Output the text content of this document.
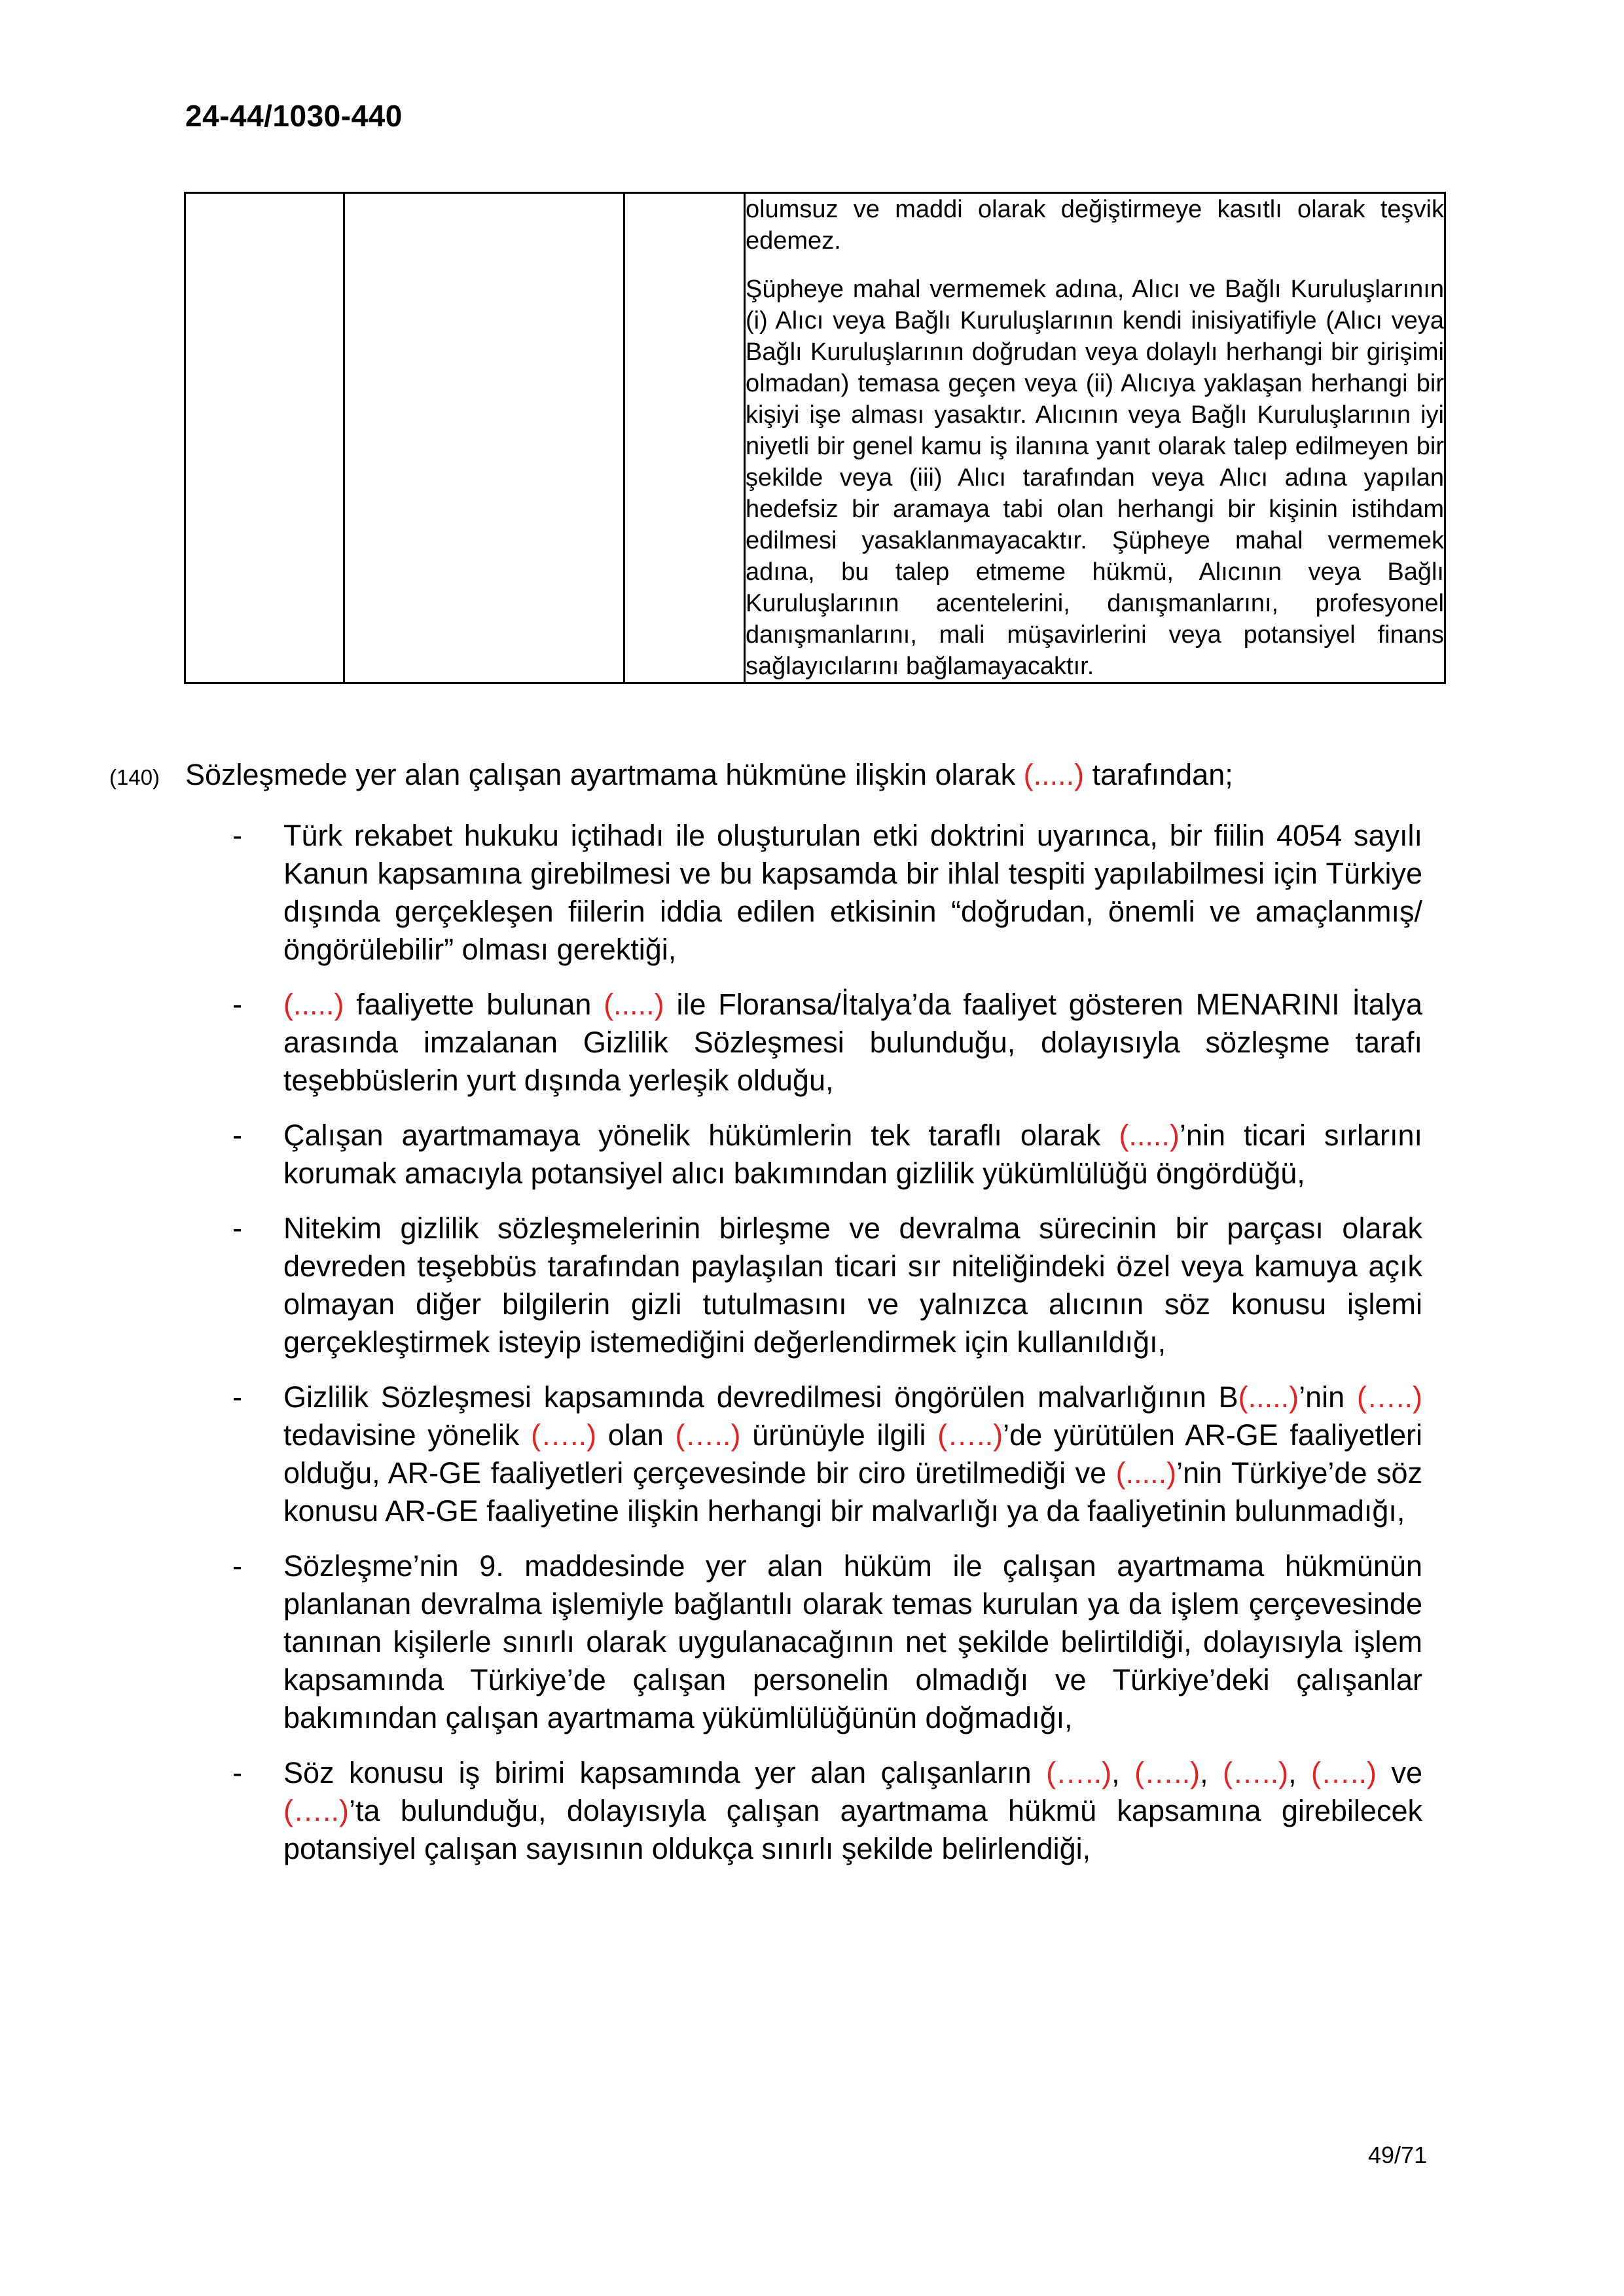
24-44/1030-440

olumsuz ve maddi olarak değiştirmeye kasıtlı olarak teşvik edemez.

Şüpheye mahal vermemek adına, Alıcı ve Bağlı Kuruluşlarının (i) Alıcı veya Bağlı Kuruluşlarının kendi inisiyatifiyle (Alıcı veya Bağlı Kuruluşlarının doğrudan veya dolaylı herhangi bir girişimi olmadan) temasa geçen veya (ii) Alıcıya yaklaşan herhangi bir kişiyi işe alması yasaktır. Alıcının veya Bağlı Kuruluşlarının iyi niyetli bir genel kamu iş ilanına yanıt olarak talep edilmeyen bir şekilde veya (iii) Alıcı tarafından veya Alıcı adına yapılan hedefsiz bir aramaya tabi olan herhangi bir kişinin istihdam edilmesi yasaklanmayacaktır. Şüpheye mahal vermemek adına, bu talep etmeme hükmü, Alıcının veya Bağlı Kuruluşlarının acentelerini, danışmanlarını, profesyonel danışmanlarını, mali müşavirlerini veya potansiyel finans sağlayıcılarını bağlamayacaktır.

(140) Sözleşmede yer alan çalışan ayartmama hükmüne ilişkin olarak (.....) tarafından;
- Türk rekabet hukuku içtihadı ile oluşturulan etki doktrini uyarınca, bir fiilin 4054 sayılı Kanun kapsamına girebilmesi ve bu kapsamda bir ihlal tespiti yapılabilmesi için Türkiye dışında gerçekleşen fiilerin iddia edilen etkisinin “doğrudan, önemli ve amaçlanmış/öngörülebilir” olması gerektiği,
- (.....) faaliyette bulunan (.....) ile Floransa/İtalya’da faaliyet gösteren MENARINI İtalya arasında imzalanan Gizlilik Sözleşmesi bulunduğu, dolayısıyla sözleşme tarafı teşebbüslerin yurt dışında yerleşik olduğu,
- Çalışan ayartmamaya yönelik hükümlerin tek taraflı olarak (.....)’nin ticari sırlarını korumak amacıyla potansiyel alıcı bakımından gizlilik yükümlülüğü öngördüğü,
- Nitekim gizlilik sözleşmelerinin birleşme ve devralma sürecinin bir parçası olarak devreden teşebbüs tarafından paylaşılan ticari sır niteliğindeki özel veya kamuya açık olmayan diğer bilgilerin gizli tutulmasını ve yalnızca alıcının söz konusu işlemi gerçekleştirmek isteyip istemediğini değerlendirmek için kullanıldığı,
- Gizlilik Sözleşmesi kapsamında devredilmesi öngörülen malvarlığının B(.....)’nin (…..) tedavisine yönelik (…..) olan (…..) ürünüyle ilgili (…..)’de yürütülen AR-GE faaliyetleri olduğu, AR-GE faaliyetleri çerçevesinde bir ciro üretilmediği ve (.....)’nin Türkiye’de söz konusu AR-GE faaliyetine ilişkin herhangi bir malvarlığı ya da faaliyetinin bulunmadığı,
- Sözleşme’nin 9. maddesinde yer alan hüküm ile çalışan ayartmama hükmünün planlanan devralma işlemiyle bağlantılı olarak temas kurulan ya da işlem çerçevesinde tanınan kişilerle sınırlı olarak uygulanacağının net şekilde belirtildiği, dolayısıyla işlem kapsamında Türkiye’de çalışan personelin olmadığı ve Türkiye’deki çalışanlar bakımından çalışan ayartmama yükümlülüğünün doğmadığı,
- Söz konusu iş birimi kapsamında yer alan çalışanların (…..), (…..), (…..), (…..) ve (…..)’ta bulunduğu, dolayısıyla çalışan ayartmama hükmü kapsamına girebilecek potansiyel çalışan sayısının oldukça sınırlı şekilde belirlendiği,
49/71
